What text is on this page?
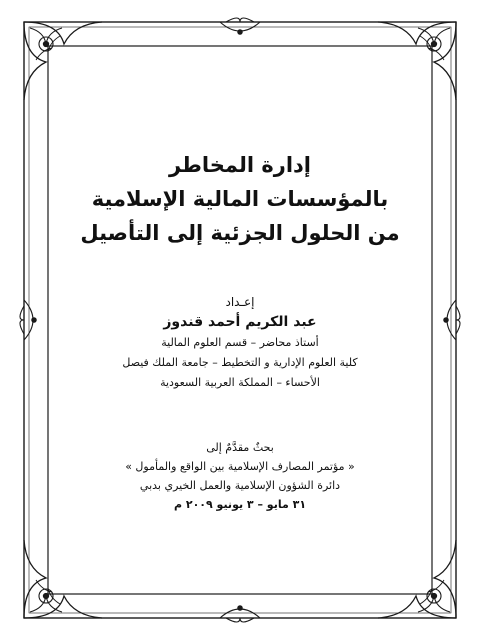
إدارة المخاطر
بالمؤسسات المالية الإسلامية
من الحلول الجزئية إلى التأصيل
إعـداد
عبد الكريم أحمد قندوز
أستاذ محاضر – قسم العلوم المالية
كلية العلوم الإدارية و التخطيط – جامعة الملك فيصل
الأحساء – المملكة العربية السعودية
بحثٌ مقدَّمٌ إلى
« مؤتمر المصارف الإسلامية بين الواقع والمأمول »
دائرة الشؤون الإسلامية والعمل الخيري بدبي
٣١ مايو – ٣ يونيو ٢٠٠٩ م
